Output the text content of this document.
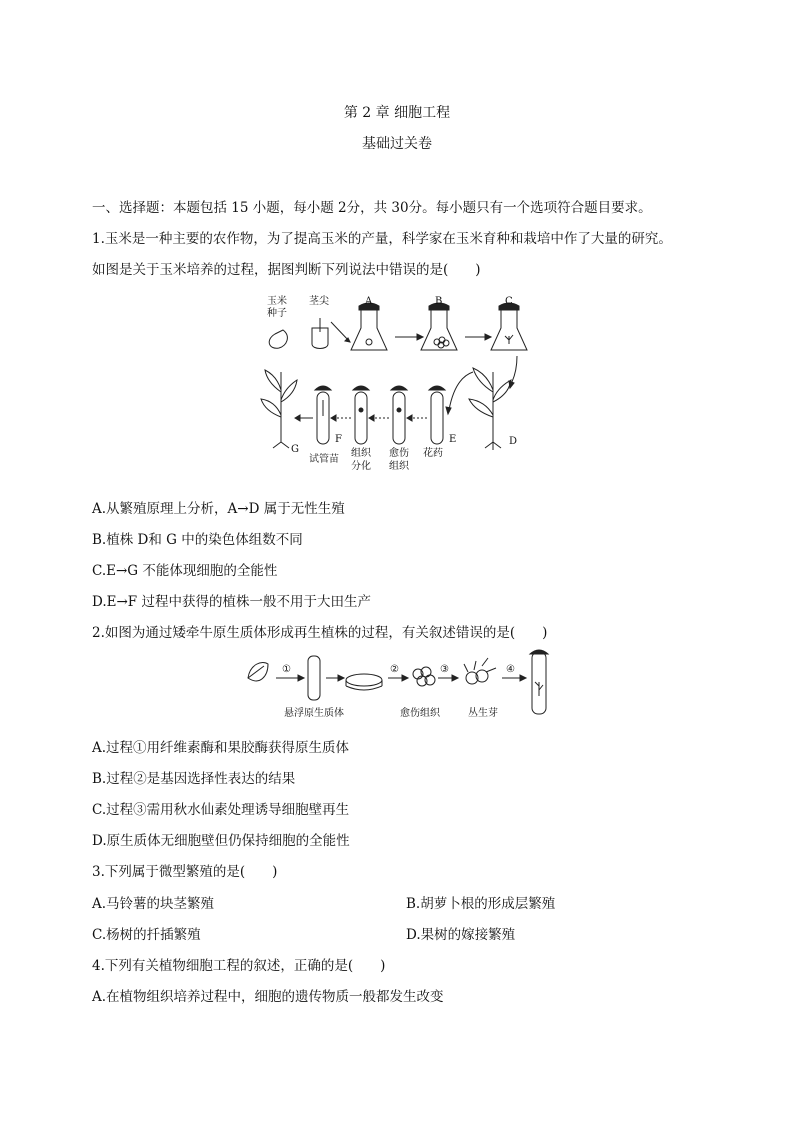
第 2 章 细胞工程
基础过关卷
一、选择题：本题包括 15 小题，每小题 2分，共 30分。每小题只有一个选项符合题目要求。
1.玉米是一种主要的农作物，为了提高玉米的产量，科学家在玉米育种和栽培中作了大量的研究。
如图是关于玉米培养的过程，据图判断下列说法中错误的是(　　)
玉米
种子
茎尖	A	B	C
D
E
F
G	花药
愈伤
组织
组织
分化
试管苗
A.从繁殖原理上分析，A→D 属于无性生殖
B.植株 D和 G 中的染色体组数不同
C.E→G 不能体现细胞的全能性
D.E→F 过程中获得的植株一般不用于大田生产
2.如图为通过矮牵牛原生质体形成再生植株的过程，有关叙述错误的是(　　)
①	②	③	④
悬浮原生质体	愈伤组织	丛生芽
A.过程①用纤维素酶和果胶酶获得原生质体
B.过程②是基因选择性表达的结果
C.过程③需用秋水仙素处理诱导细胞壁再生
D.原生质体无细胞壁但仍保持细胞的全能性
3.下列属于微型繁殖的是(　　)
A.马铃薯的块茎繁殖	B.胡萝卜根的形成层繁殖
C.杨树的扦插繁殖	D.果树的嫁接繁殖
4.下列有关植物细胞工程的叙述，正确的是(　　)
A.在植物组织培养过程中，细胞的遗传物质一般都发生改变
